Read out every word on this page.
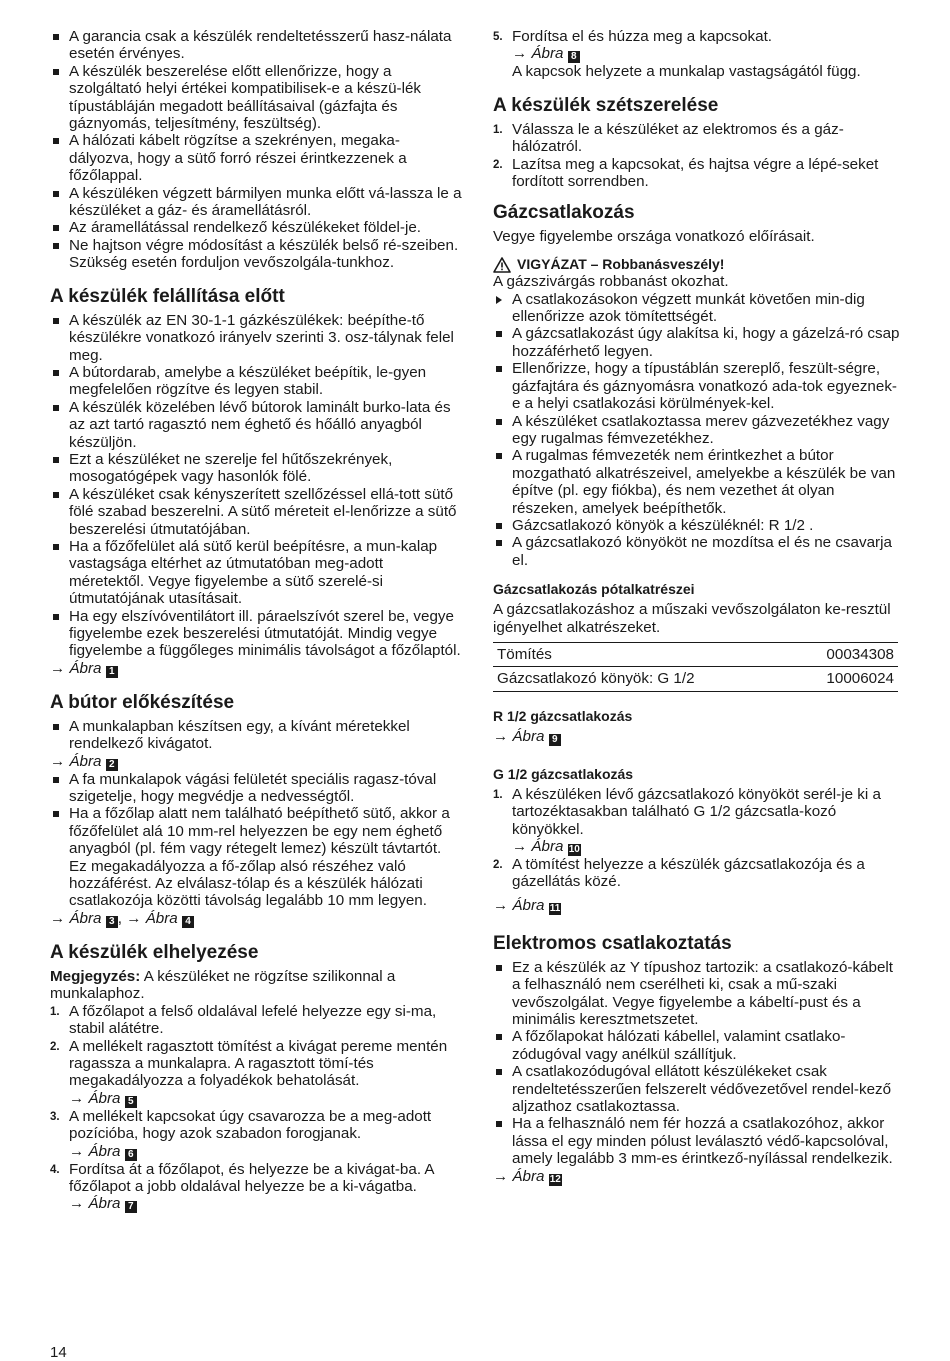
A garancia csak a készülék rendeltetésszerű hasz-nálata esetén érvényes.
A készülék beszerelése előtt ellenőrizze, hogy a szolgáltató helyi értékei kompatibilisek-e a készü-lék típustábláján megadott beállításaival (gázfajta és gáznyomás, teljesítmény, feszültség).
A hálózati kábelt rögzítse a szekrényen, megaka-dályozva, hogy a sütő forró részei érintkezzenek a főzőlappal.
A készüléken végzett bármilyen munka előtt vá-lassza le a készüléket a gáz- és áramellátásról.
Az áramellátással rendelkező készülékeket földel-je.
Ne hajtson végre módosítást a készülék belső ré-szeiben. Szükség esetén forduljon vevőszolgála-tunkhoz.
A készülék felállítása előtt
A készülék az EN 30-1-1 gázkészülékek: beépíthe-tő készülékre vonatkozó irányelv szerinti 3. osz-tálynak felel meg.
A bútordarab, amelybe a készüléket beépítik, le-gyen megfelelően rögzítve és legyen stabil.
A készülék közelében lévő bútorok laminált burko-lata és az azt tartó ragasztó nem éghető és hőálló anyagból készüljön.
Ezt a készüléket ne szerelje fel hűtőszekrények, mosogatógépek vagy hasonlók fölé.
A készüléket csak kényszerített szellőzéssel ellá-tott sütő fölé szabad beszerelni. A sütő méreteit el-lenőrizze a sütő beszerelési útmutatójában.
Ha a főzőfelület alá sütő kerül beépítésre, a mun-kalap vastagsága eltérhet az útmutatóban meg-adott méretektől. Vegye figyelembe a sütő szerelé-si útmutatójának utasításait.
Ha egy elszívóventilátort ill. páraelszívót szerel be, vegye figyelembe ezek beszerelési útmutatóját. Mindig vegye figyelembe a függőleges minimális távolságot a főzőlaptól.

→ Ábra 1

A bútor előkészítése
A munkalapban készítsen egy, a kívánt méretekkel rendelkező kivágatot.

→ Ábra 2

A fa munkalapok vágási felületét speciális ragasz-tóval szigetelje, hogy megvédje a nedvességtől.
Ha a főzőlap alatt nem található beépíthető sütő, akkor a főzőfelület alá 10 mm-rel helyezzen be egy nem éghető anyagból (pl. fém vagy rétegelt lemez) készült távtartót. Ez megakadályozza a fő-zőlap alsó részéhez való hozzáférést. Az elválasz-tólap és a készülék hálózati csatlakozója közötti távolság legalább 10 mm legyen.

→ Ábra 3 , → Ábra 4

A készülék elhelyezése

Megjegyzés: A készüléket ne rögzítse szilikonnal a munkalaphoz.

1. A főzőlapot a felső oldalával lefelé helyezze egy si-ma, stabil alátétre.
2. A mellékelt ragasztott tömítést a kivágat pereme mentén ragassza a munkalapra. A ragasztott tömí-tés megakadályozza a folyadékok behatolását.
→ Ábra 5
3. A mellékelt kapcsokat úgy csavarozza be a meg-adott pozícióba, hogy azok szabadon forogjanak.
→ Ábra 6
4. Fordítsa át a főzőlapot, és helyezze be a kivágat-ba. A főzőlapot a jobb oldalával helyezze be a ki-vágatba.
→ Ábra 7
5. Fordítsa el és húzza meg a kapcsokat.
→ Ábra 8
A kapcsok helyzete a munkalap vastagságától függ.
A készülék szétszerelése
1. Válassza le a készüléket az elektromos és a gáz-hálózatról.
2. Lazítsa meg a kapcsokat, és hajtsa végre a lépé-seket fordított sorrendben.
Gázcsatlakozás

Vegye figyelembe országa vonatkozó előírásait.

VIGYÁZAT – Robbanásveszély!

A gázszivárgás robbanást okozhat.

A csatlakozásokon végzett munkát követően min-dig ellenőrizze azok tömítettségét.
A gázcsatlakozást úgy alakítsa ki, hogy a gázelzá-ró csap hozzáférhető legyen.
Ellenőrizze, hogy a típustáblán szereplő, feszült-ségre, gázfajtára és gáznyomásra vonatkozó ada-tok egyeznek-e a helyi csatlakozási körülmények-kel.
A készüléket csatlakoztassa merev gázvezetékhez vagy egy rugalmas fémvezetékhez.
A rugalmas fémvezeték nem érintkezhet a bútor mozgatható alkatrészeivel, amelyekbe a készülék be van építve (pl. egy fiókba), és nem vezethet át olyan részeken, amelyek beépíthetők.
Gázcsatlakozó könyök a készüléknél: R 1/2 .
A gázcsatlakozó könyököt ne mozdítsa el és ne csavarja el.
Gázcsatlakozás pótalkatrészei

A gázcsatlakozáshoz a műszaki vevőszolgálaton ke-resztül igényelhet alkatrészeket.

Tömítés	00034308
Gázcsatlakozó könyök: G 1/2	10006024
R 1/2 gázcsatlakozás

→ Ábra 9

G 1/2 gázcsatlakozás
1. A készüléken lévő gázcsatlakozó könyököt serél-je ki a tartozéktasakban található G 1/2 gázcsatla-kozó könyökkel.
→ Ábra 10
2. A tömítést helyezze a készülék gázcsatlakozója és a gázellátás közé.

→ Ábra 11

Elektromos csatlakoztatás
Ez a készülék az Y típushoz tartozik: a csatlakozó-kábelt a felhasználó nem cserélheti ki, csak a mű-szaki vevőszolgálat. Vegye figyelembe a kábeltí-pust és a minimális keresztmetszetet.
A főzőlapokat hálózati kábellel, valamint csatlako-zódugóval vagy anélkül szállítjuk.
A csatlakozódugóval ellátott készülékeket csak rendeltetésszerűen felszerelt védővezetővel rendel-kező aljzathoz csatlakoztassa.
Ha a felhasználó nem fér hozzá a csatlakozóhoz, akkor lássa el egy minden pólust leválasztó védő-kapcsolóval, amely legalább 3 mm-es érintkező-nyílással rendelkezik.

→ Ábra 12

14
